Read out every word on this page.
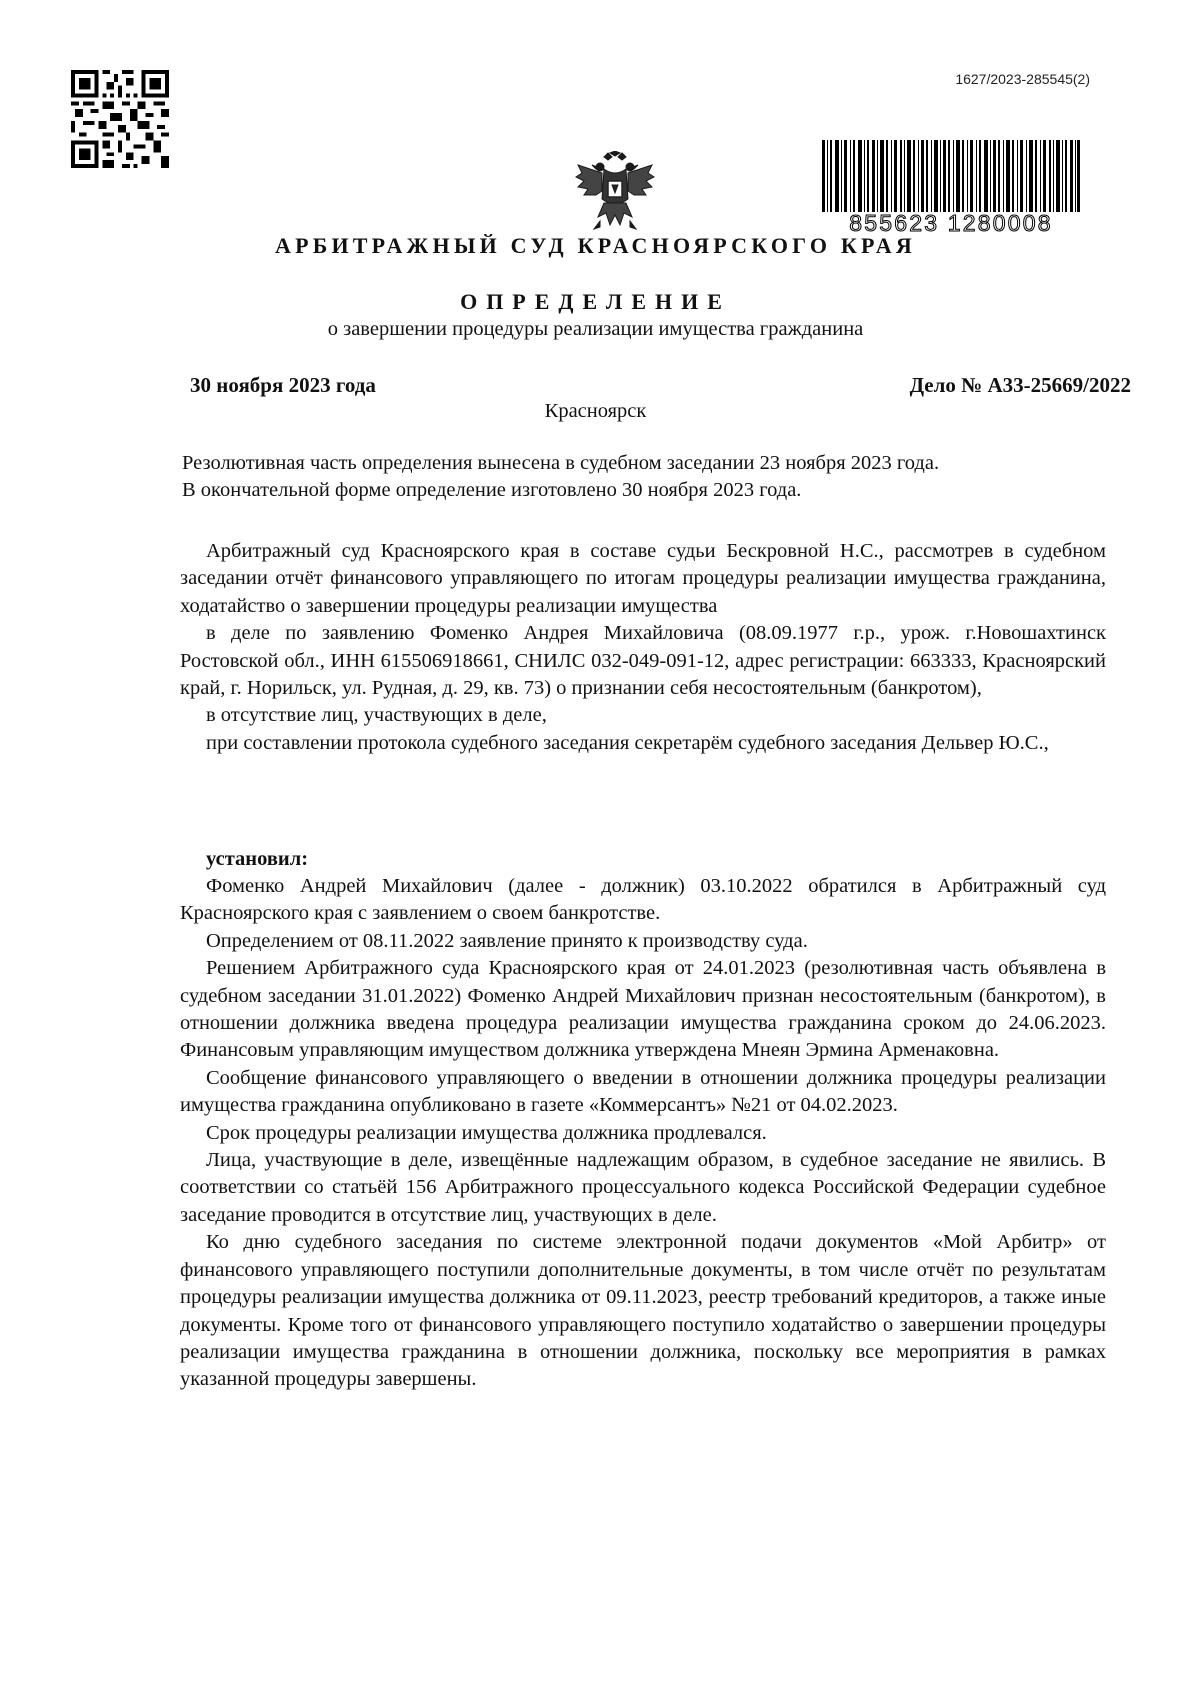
1627/2023-285545(2)
855623 1280008
АРБИТРАЖНЫЙ СУД КРАСНОЯРСКОГО КРАЯ
ОПРЕДЕЛЕНИЕ
о завершении процедуры реализации имущества гражданина
30 ноября 2023 года	Дело № А33-25669/2022
Красноярск
Резолютивная часть определения вынесена в судебном заседании 23 ноября 2023 года.
В окончательной форме определение изготовлено 30 ноября 2023 года.

Арбитражный суд Красноярского края в составе судьи Бескровной Н.С., рассмотрев в судебном заседании отчёт финансового управляющего по итогам процедуры реализации имущества гражданина, ходатайство о завершении процедуры реализации имущества

в деле по заявлению Фоменко Андрея Михайловича (08.09.1977 г.р., урож. г.Новошахтинск Ростовской обл., ИНН 615506918661, СНИЛС 032-049-091-12, адрес регистрации: 663333, Красноярский край, г. Норильск, ул. Рудная, д. 29, кв. 73) о признании себя несостоятельным (банкротом),

в отсутствие лиц, участвующих в деле,

при составлении протокола судебного заседания секретарём судебного заседания Дельвер Ю.С.,

установил:

Фоменко Андрей Михайлович (далее - должник) 03.10.2022 обратился в Арбитражный суд Красноярского края с заявлением о своем банкротстве.

Определением от 08.11.2022 заявление принято к производству суда.

Решением Арбитражного суда Красноярского края от 24.01.2023 (резолютивная часть объявлена в судебном заседании 31.01.2022) Фоменко Андрей Михайлович признан несостоятельным (банкротом), в отношении должника введена процедура реализации имущества гражданина сроком до 24.06.2023. Финансовым управляющим имуществом должника утверждена Мнеян Эрмина Арменаковна.

Сообщение финансового управляющего о введении в отношении должника процедуры реализации имущества гражданина опубликовано в газете «Коммерсантъ» №21 от 04.02.2023.

Срок процедуры реализации имущества должника продлевался.

Лица, участвующие в деле, извещённые надлежащим образом, в судебное заседание не явились. В соответствии со статьёй 156 Арбитражного процессуального кодекса Российской Федерации судебное заседание проводится в отсутствие лиц, участвующих в деле.

Ко дню судебного заседания по системе электронной подачи документов «Мой Арбитр» от финансового управляющего поступили дополнительные документы, в том числе отчёт по результатам процедуры реализации имущества должника от 09.11.2023, реестр требований кредиторов, а также иные документы. Кроме того от финансового управляющего поступило ходатайство о завершении процедуры реализации имущества гражданина в отношении должника, поскольку все мероприятия в рамках указанной процедуры завершены.
